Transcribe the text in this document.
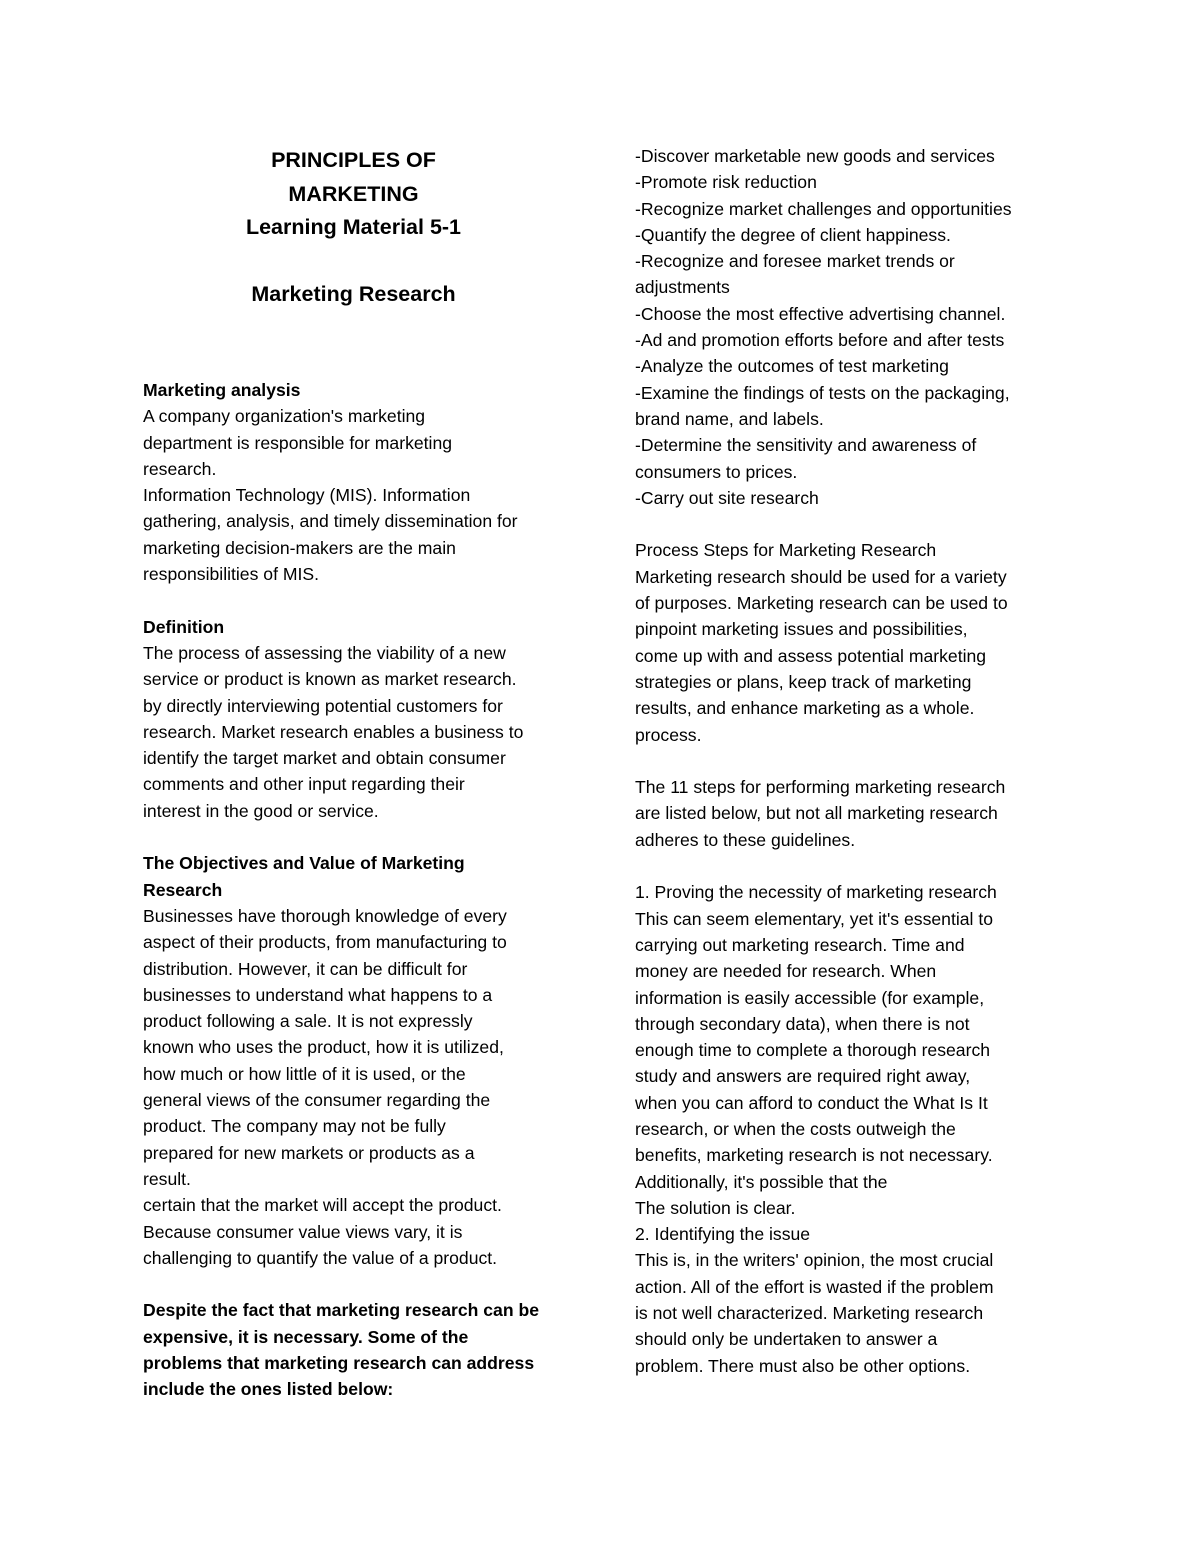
PRINCIPLES OF
MARKETING
Learning Material 5-1
Marketing Research
Marketing analysis
A company organization's marketing
department is responsible for marketing
research.
Information Technology (MIS). Information
gathering, analysis, and timely dissemination for
marketing decision-makers are the main
responsibilities of MIS.
Definition
The process of assessing the viability of a new
service or product is known as market research.
by directly interviewing potential customers for
research. Market research enables a business to
identify the target market and obtain consumer
comments and other input regarding their
interest in the good or service.
The Objectives and Value of Marketing
Research
Businesses have thorough knowledge of every
aspect of their products, from manufacturing to
distribution. However, it can be difficult for
businesses to understand what happens to a
product following a sale. It is not expressly
known who uses the product, how it is utilized,
how much or how little of it is used, or the
general views of the consumer regarding the
product. The company may not be fully
prepared for new markets or products as a
result.
certain that the market will accept the product.
Because consumer value views vary, it is
challenging to quantify the value of a product.
Despite the fact that marketing research can be
expensive, it is necessary. Some of the
problems that marketing research can address
include the ones listed below:
-Discover marketable new goods and services
-Promote risk reduction
-Recognize market challenges and opportunities
-Quantify the degree of client happiness.
-Recognize and foresee market trends or
adjustments
-Choose the most effective advertising channel.
-Ad and promotion efforts before and after tests
-Analyze the outcomes of test marketing
-Examine the findings of tests on the packaging,
brand name, and labels.
-Determine the sensitivity and awareness of
consumers to prices.
-Carry out site research
Process Steps for Marketing Research
Marketing research should be used for a variety
of purposes. Marketing research can be used to
pinpoint marketing issues and possibilities,
come up with and assess potential marketing
strategies or plans, keep track of marketing
results, and enhance marketing as a whole.
process.
The 11 steps for performing marketing research
are listed below, but not all marketing research
adheres to these guidelines.
1. Proving the necessity of marketing research
This can seem elementary, yet it's essential to
carrying out marketing research. Time and
money are needed for research. When
information is easily accessible (for example,
through secondary data), when there is not
enough time to complete a thorough research
study and answers are required right away,
when you can afford to conduct the What Is It
research, or when the costs outweigh the
benefits, marketing research is not necessary.
Additionally, it's possible that the
The solution is clear.
2. Identifying the issue
This is, in the writers' opinion, the most crucial
action. All of the effort is wasted if the problem
is not well characterized. Marketing research
should only be undertaken to answer a
problem. There must also be other options.
